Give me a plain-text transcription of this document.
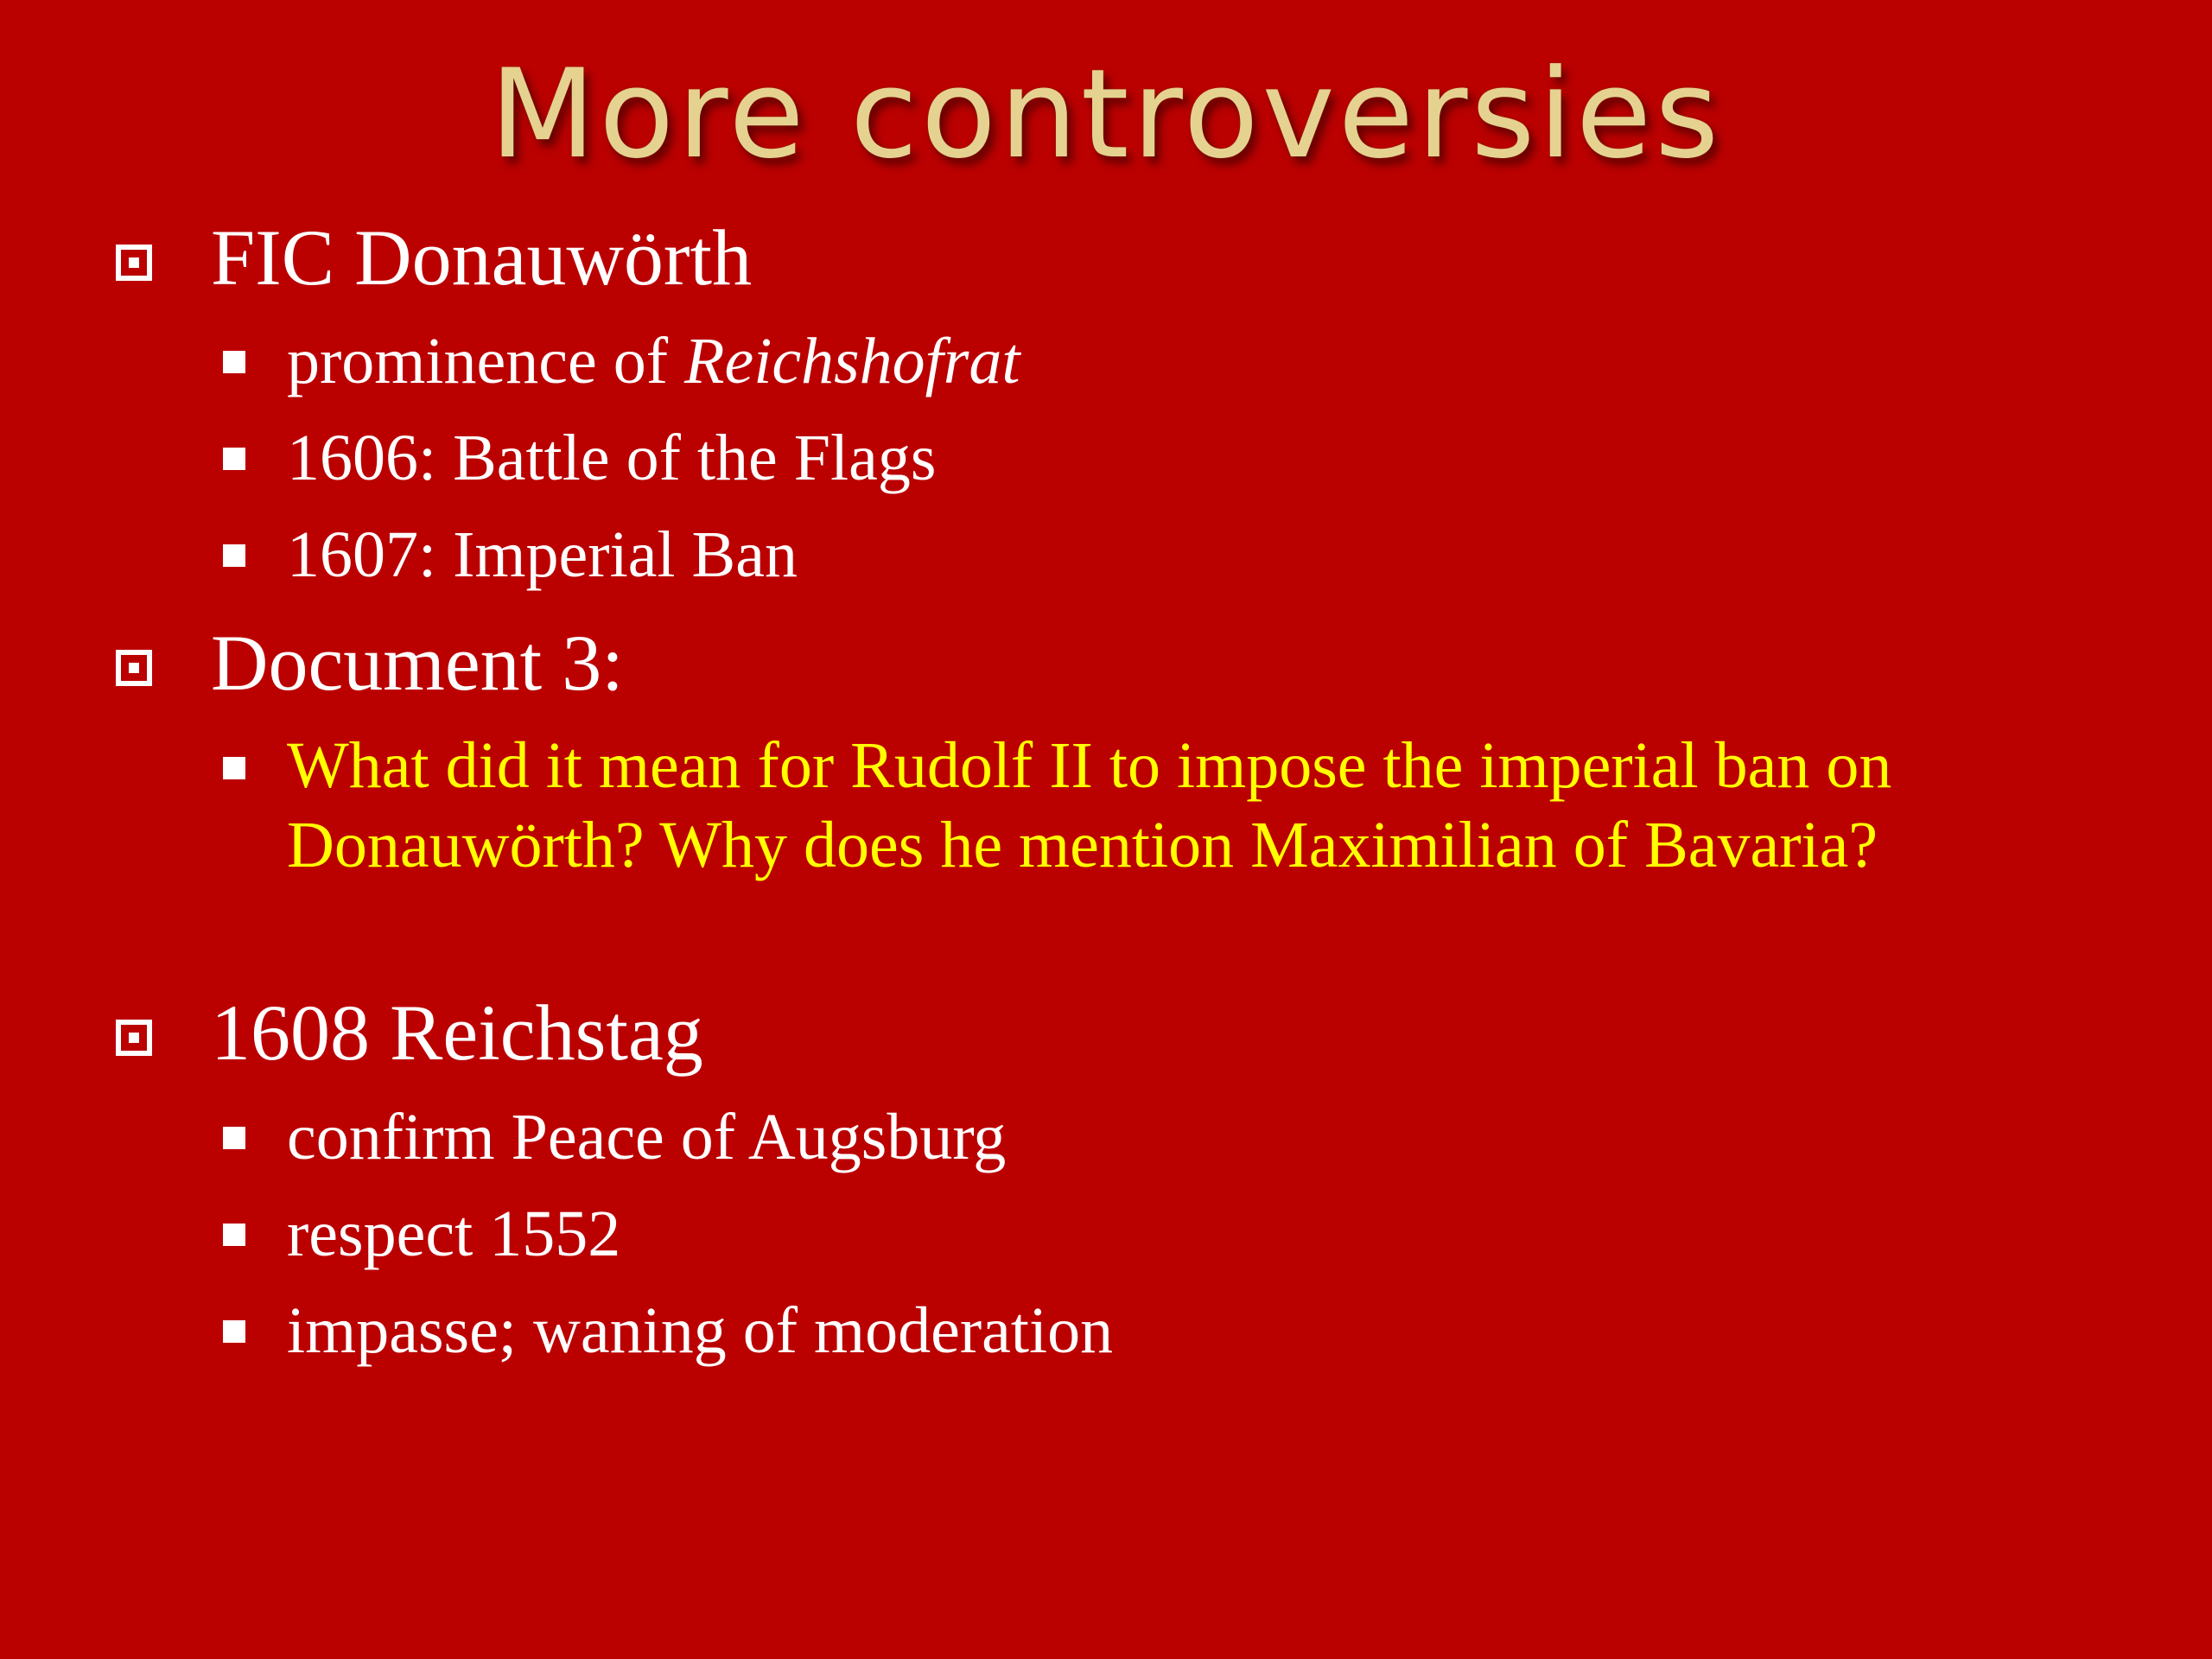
More controversies
FIC Donauwörth
prominence of Reichshofrat
1606: Battle of the Flags
1607: Imperial Ban
Document 3:
What did it mean for Rudolf II to impose the imperial ban on Donauwörth? Why does he mention Maximilian of Bavaria?
1608 Reichstag
confirm Peace of Augsburg
respect 1552
impasse; waning of moderation
